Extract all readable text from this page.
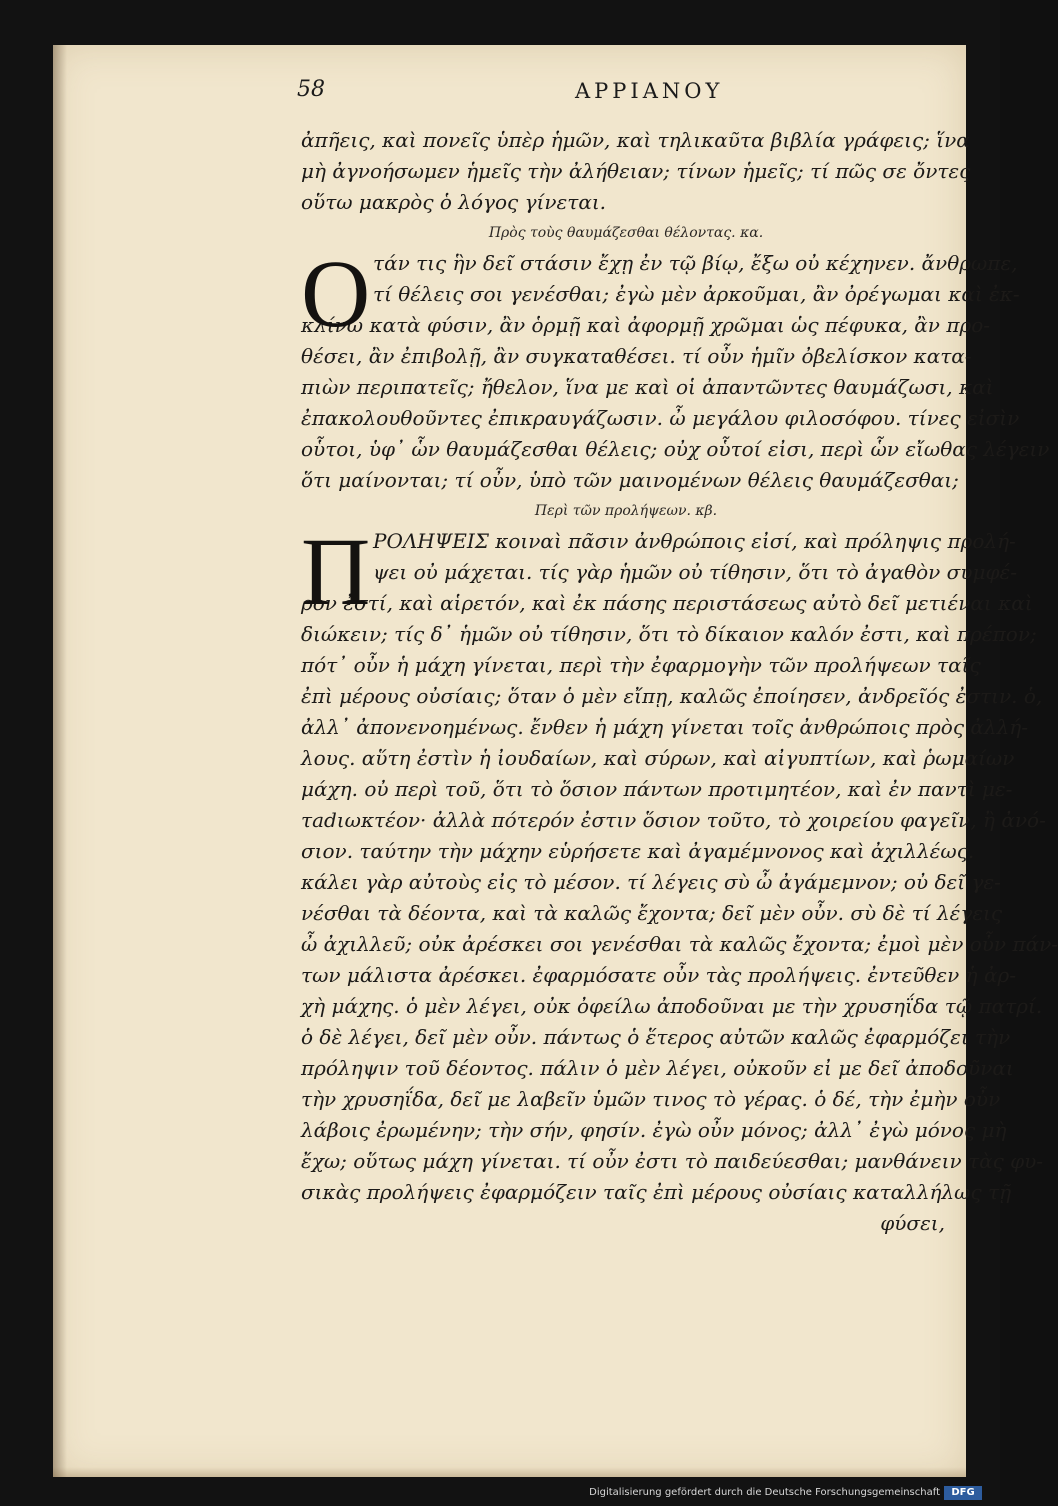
58	ΑΡΡΙΑΝΟΥ
ἀπῆεις, καὶ πονεῖς ὑπὲρ ἡμῶν, καὶ τηλικαῦτα βιβλία γράφεις; ἵνα
μὴ ἀγνοήσωμεν ἡμεῖς τὴν ἀλήθειαν; τίνων ἡμεῖς; τί πῶς σε ὄντες
οὕτω μακρὸς ὁ λόγος γίνεται.
Πρὸς τοὺς θαυμάζεσθαι θέλοντας. κα.
Ο τάν τις ἣν δεῖ στάσιν ἔχῃ ἐν τῷ βίῳ, ἔξω οὐ κέχηνεν. ἄνθρωπε,
τί θέλεις σοι γενέσθαι; ἐγὼ μὲν ἀρκοῦμαι, ἂν ὀρέγωμαι καὶ ἐκ-
κλίνω κατὰ φύσιν, ἂν ὁρμῇ καὶ ἀφορμῇ χρῶμαι ὡς πέφυκα, ἂν προ-
θέσει, ἂν ἐπιβολῇ, ἂν συγκαταθέσει. τί οὖν ἡμῖν ὀβελίσκον κατα-
πιὼν περιπατεῖς; ἤθελον, ἵνα με καὶ οἱ ἀπαντῶντες θαυμάζωσι, καὶ
ἐπακολουθοῦντες ἐπικραυγάζωσιν. ὦ μεγάλου φιλοσόφου. τίνες εἰσὶν
οὗτοι, ὑφ᾽ ὧν θαυμάζεσθαι θέλεις; οὐχ οὗτοί εἰσι, περὶ ὧν εἴωθας λέγειν
ὅτι μαίνονται; τί οὖν, ὑπὸ τῶν μαινομένων θέλεις θαυμάζεσθαι;
Περὶ τῶν προλήψεων. κβ.
Π ΡΟΛΗΨΕΙΣ κοιναὶ πᾶσιν ἀνθρώποις εἰσί, καὶ πρόληψις προλή-
ψει οὐ μάχεται. τίς γὰρ ἡμῶν οὐ τίθησιν, ὅτι τὸ ἀγαθὸν συμφέ-
ρον ἐστί, καὶ αἱρετόν, καὶ ἐκ πάσης περιστάσεως αὐτὸ δεῖ μετιέναι καὶ
διώκειν; τίς δ᾽ ἡμῶν οὐ τίθησιν, ὅτι τὸ δίκαιον καλόν ἐστι, καὶ πρέπον;
πότ᾽ οὖν ἡ μάχη γίνεται, περὶ τὴν ἐφαρμογὴν τῶν προλήψεων ταῖς
ἐπὶ μέρους οὐσίαις; ὅταν ὁ μὲν εἴπῃ, καλῶς ἐποίησεν, ἀνδρεῖός ἐστιν. ὁ,
ἀλλ᾽ ἀπονενοημένως. ἔνθεν ἡ μάχη γίνεται τοῖς ἀνθρώποις πρὸς ἀλλή-
λους. αὕτη ἐστὶν ἡ ἰουδαίων, καὶ σύρων, καὶ αἰγυπτίων, καὶ ῥωμαίων
μάχη. οὐ περὶ τοῦ, ὅτι τὸ ὅσιον πάντων προτιμητέον, καὶ ἐν παντὶ με-
τadιωκτέον· ἀλλὰ πότερόν ἐστιν ὅσιον τοῦτο, τὸ χοιρείου φαγεῖν, ἢ ἀνό-
σιον. ταύτην τὴν μάχην εὑρήσετε καὶ ἀγαμέμνονος καὶ ἀχιλλέως.
κάλει γὰρ αὐτοὺς εἰς τὸ μέσον. τί λέγεις σὺ ὦ ἀγάμεμνον; οὐ δεῖ γε-
νέσθαι τὰ δέοντα, καὶ τὰ καλῶς ἔχοντα; δεῖ μὲν οὖν. σὺ δὲ τί λέγεις
ὦ ἀχιλλεῦ; οὐκ ἀρέσκει σοι γενέσθαι τὰ καλῶς ἔχοντα; ἐμοὶ μὲν οὖν πάν-
των μάλιστα ἀρέσκει. ἐφαρμόσατε οὖν τὰς προλήψεις. ἐντεῦθεν ἡ ἀρ-
χὴ μάχης. ὁ μὲν λέγει, οὐκ ὀφείλω ἀποδοῦναι με τὴν χρυσηΐδα τῷ πατρί.
ὁ δὲ λέγει, δεῖ μὲν οὖν. πάντως ὁ ἕτερος αὐτῶν καλῶς ἐφαρμόζει τὴν
πρόληψιν τοῦ δέοντος. πάλιν ὁ μὲν λέγει, οὐκοῦν εἰ με δεῖ ἀποδοῦναι
τὴν χρυσηΐδα, δεῖ με λαβεῖν ὑμῶν τινος τὸ γέρας. ὁ δέ, τὴν ἐμὴν οὖν
λάβοις ἐρωμένην; τὴν σήν, φησίν. ἐγὼ οὖν μόνος; ἀλλ᾽ ἐγὼ μόνος μὴ
ἔχω; οὕτως μάχη γίνεται. τί οὖν ἐστι τὸ παιδεύεσθαι; μανθάνειν τὰς φυ-
σικὰς προλήψεις ἐφαρμόζειν ταῖς ἐπὶ μέρους οὐσίαις καταλλήλως τῇ
φύσει,
Digitalisierung gefördert durch die Deutsche Forschungsgemeinschaft	DFG
